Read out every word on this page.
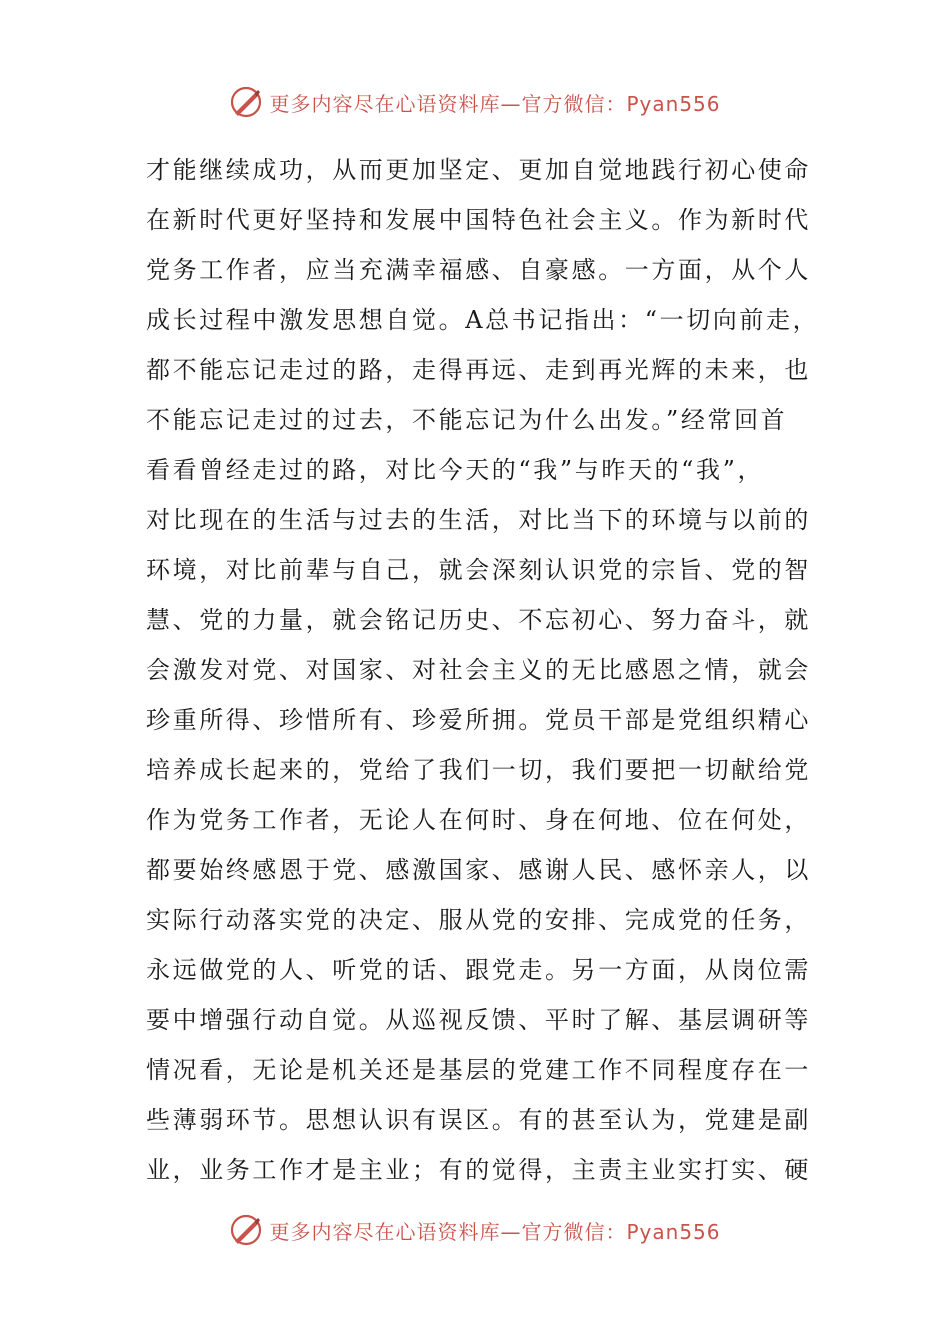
更多内容尽在心语资料库—官方微信：Pyan556
才能继续成功，从而更加坚定、更加自觉地践行初心使命
在新时代更好坚持和发展中国特色社会主义。作为新时代
党务工作者，应当充满幸福感、自豪感。一方面，从个人
成长过程中激发思想自觉。A总书记指出：“一切向前走，
都不能忘记走过的路，走得再远、走到再光辉的未来，也
不能忘记走过的过去，不能忘记为什么出发。”经常回首
看看曾经走过的路，对比今天的“我”与昨天的“我”，
对比现在的生活与过去的生活，对比当下的环境与以前的
环境，对比前辈与自己，就会深刻认识党的宗旨、党的智
慧、党的力量，就会铭记历史、不忘初心、努力奋斗，就
会激发对党、对国家、对社会主义的无比感恩之情，就会
珍重所得、珍惜所有、珍爱所拥。党员干部是党组织精心
培养成长起来的，党给了我们一切，我们要把一切献给党
作为党务工作者，无论人在何时、身在何地、位在何处，
都要始终感恩于党、感激国家、感谢人民、感怀亲人，以
实际行动落实党的决定、服从党的安排、完成党的任务，
永远做党的人、听党的话、跟党走。另一方面，从岗位需
要中增强行动自觉。从巡视反馈、平时了解、基层调研等
情况看，无论是机关还是基层的党建工作不同程度存在一
些薄弱环节。思想认识有误区。有的甚至认为，党建是副
业，业务工作才是主业；有的觉得，主责主业实打实、硬
更多内容尽在心语资料库—官方微信：Pyan556
